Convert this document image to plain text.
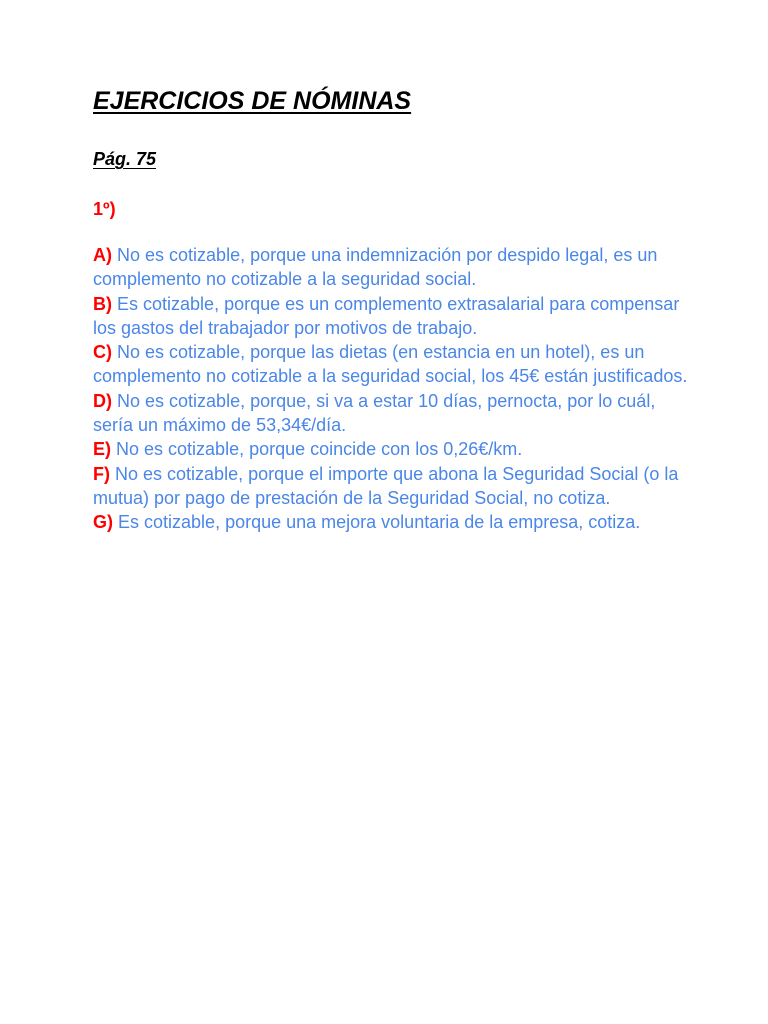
EJERCICIOS DE NÓMINAS
Pág. 75
1º)

A) No es cotizable, porque una indemnización por despido legal, es un complemento no cotizable a la seguridad social.

B) Es cotizable, porque es un complemento extrasalarial para compensar los gastos del trabajador por motivos de trabajo.

C) No es cotizable, porque las dietas (en estancia en un hotel), es un complemento no cotizable a la seguridad social, los 45€ están justificados.

D) No es cotizable, porque, si va a estar 10 días, pernocta, por lo cuál, sería un máximo de 53,34€/día.

E) No es cotizable, porque coincide con los 0,26€/km.

F) No es cotizable, porque el importe que abona la Seguridad Social (o la mutua) por pago de prestación de la Seguridad Social, no cotiza.

G) Es cotizable, porque una mejora voluntaria de la empresa, cotiza.
